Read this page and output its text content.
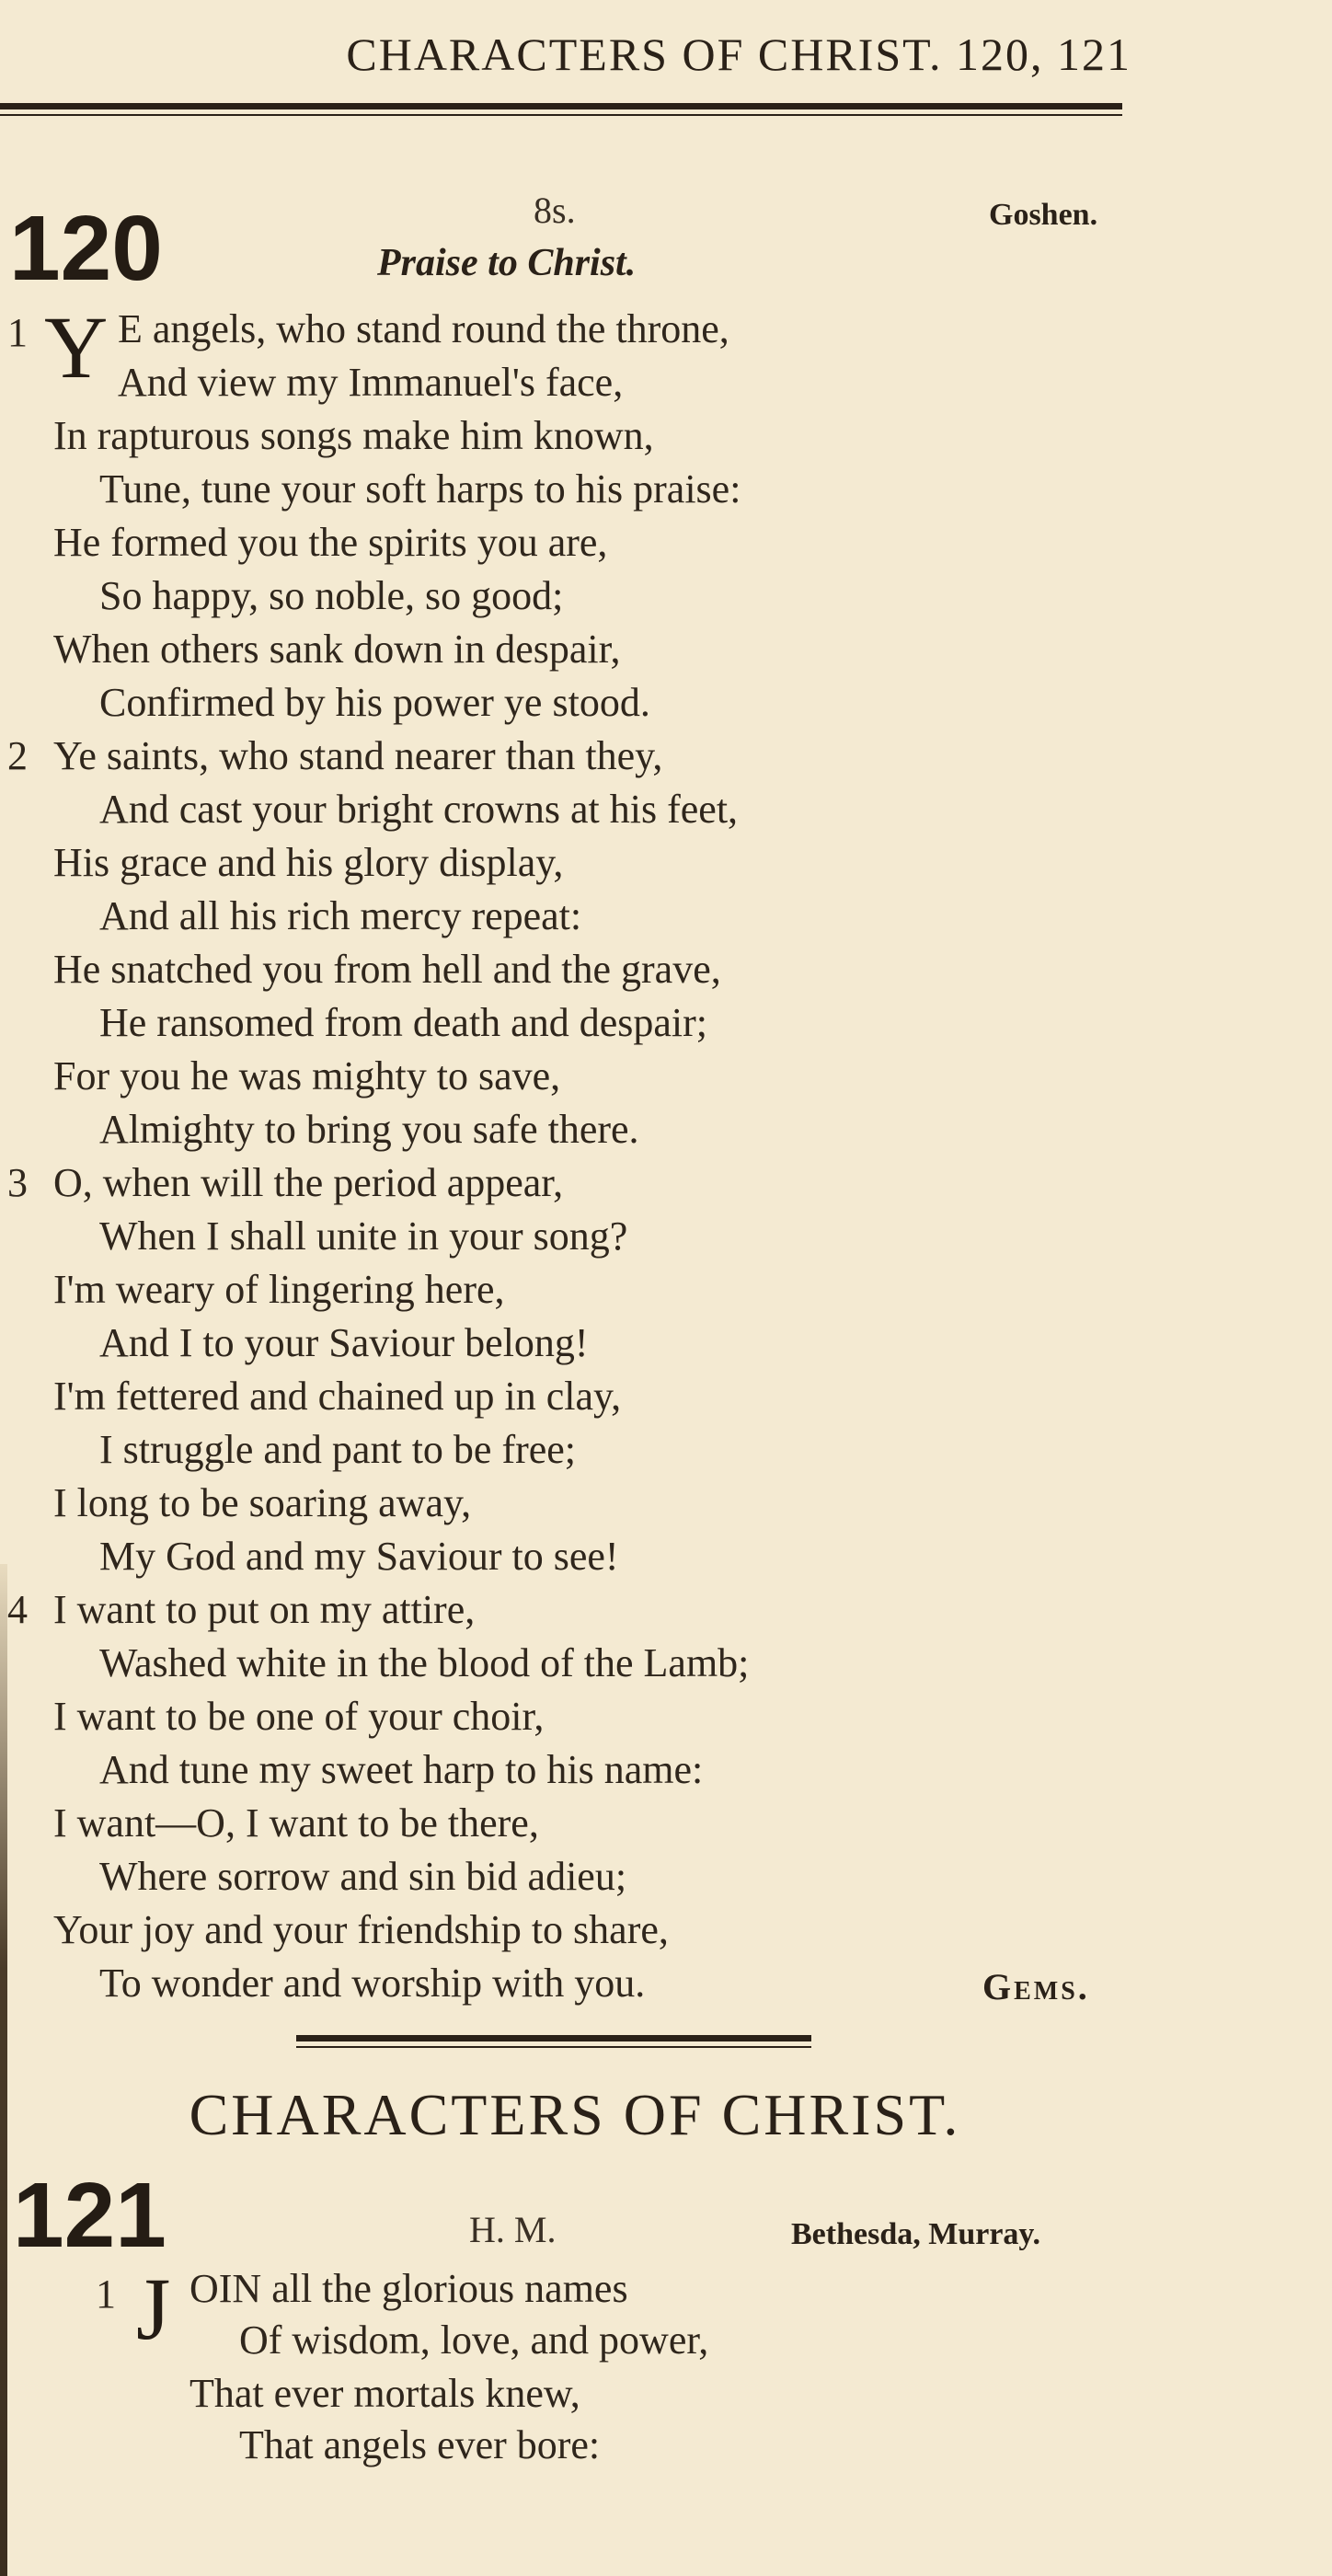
CHARACTERS OF CHRIST. 120, 121
120	8s.	Goshen.
Praise to Christ.
1 Y E angels, who stand round the throne,
And view my Immanuel's face,
In rapturous songs make him known,
Tune, tune your soft harps to his praise:
He formed you the spirits you are,
So happy, so noble, so good;
When others sank down in despair,
Confirmed by his power ye stood.
2 Ye saints, who stand nearer than they,
And cast your bright crowns at his feet,
His grace and his glory display,
And all his rich mercy repeat:
He snatched you from hell and the grave,
He ransomed from death and despair;
For you he was mighty to save,
Almighty to bring you safe there.
3 O, when will the period appear,
When I shall unite in your song?
I'm weary of lingering here,
And I to your Saviour belong!
I'm fettered and chained up in clay,
I struggle and pant to be free;
I long to be soaring away,
My God and my Saviour to see!
4 I want to put on my attire,
Washed white in the blood of the Lamb;
I want to be one of your choir,
And tune my sweet harp to his name:
I want—O, I want to be there,
Where sorrow and sin bid adieu;
Your joy and your friendship to share,
To wonder and worship with you.	Gems.
CHARACTERS OF CHRIST.
121	H. M.	Bethesda, Murray.
1 J OIN all the glorious names
Of wisdom, love, and power,
That ever mortals knew,
That angels ever bore:
